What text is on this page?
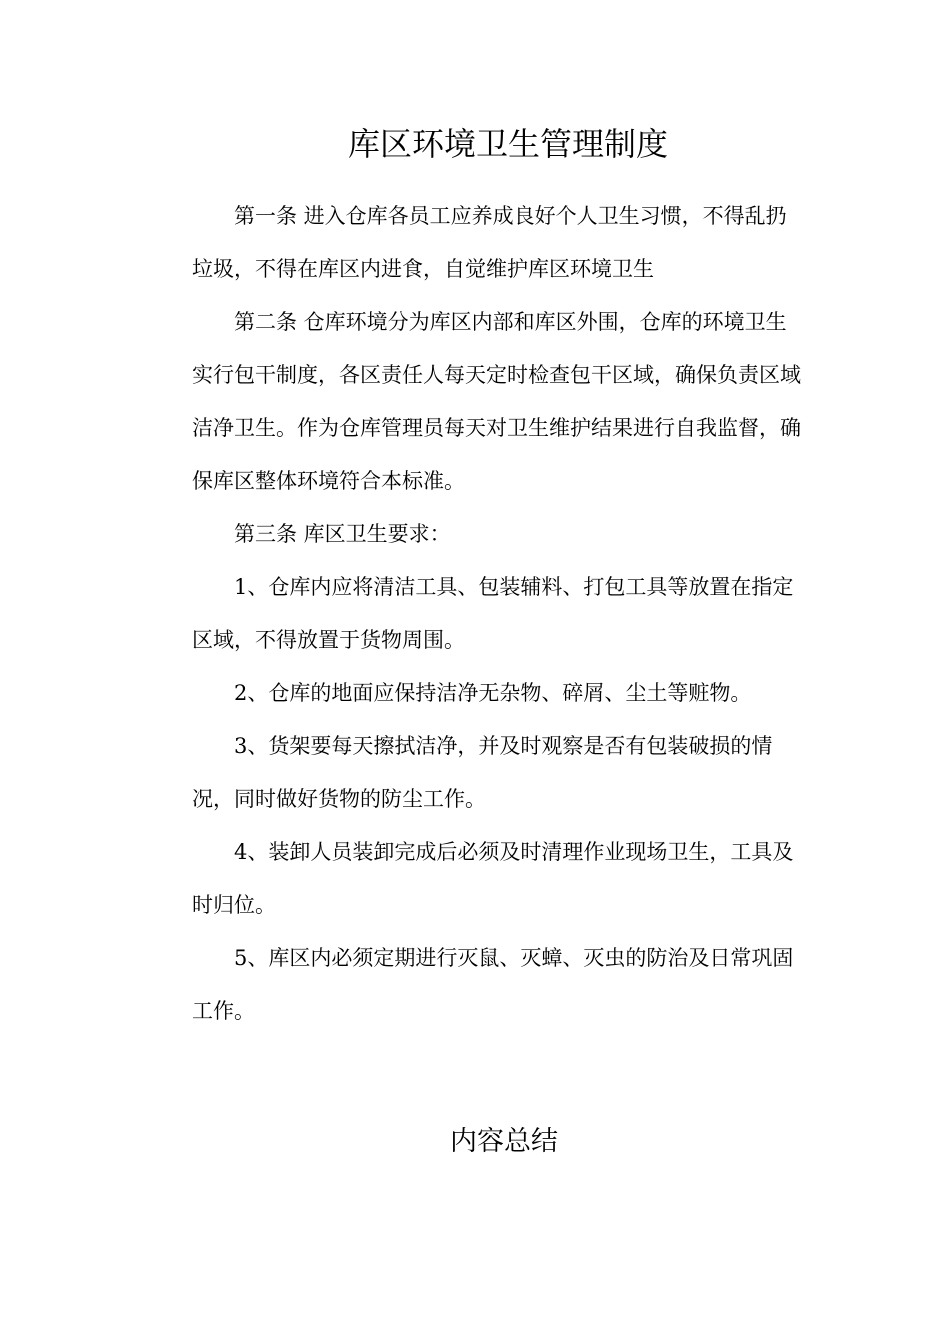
库区环境卫生管理制度

第一条 进入仓库各员工应养成良好个人卫生习惯，不得乱扔
垃圾，不得在库区内进食，自觉维护库区环境卫生

第二条 仓库环境分为库区内部和库区外围，仓库的环境卫生
实行包干制度，各区责任人每天定时检查包干区域，确保负责区域
洁净卫生。作为仓库管理员每天对卫生维护结果进行自我监督，确
保库区整体环境符合本标准。

第三条 库区卫生要求：

1、仓库内应将清洁工具、包装辅料、打包工具等放置在指定
区域，不得放置于货物周围。

2、仓库的地面应保持洁净无杂物、碎屑、尘土等赃物。

3、货架要每天擦拭洁净，并及时观察是否有包装破损的情
况，同时做好货物的防尘工作。

4、装卸人员装卸完成后必须及时清理作业现场卫生，工具及
时归位。

5、库区内必须定期进行灭鼠、灭蟑、灭虫的防治及日常巩固
工作。

内容总结
